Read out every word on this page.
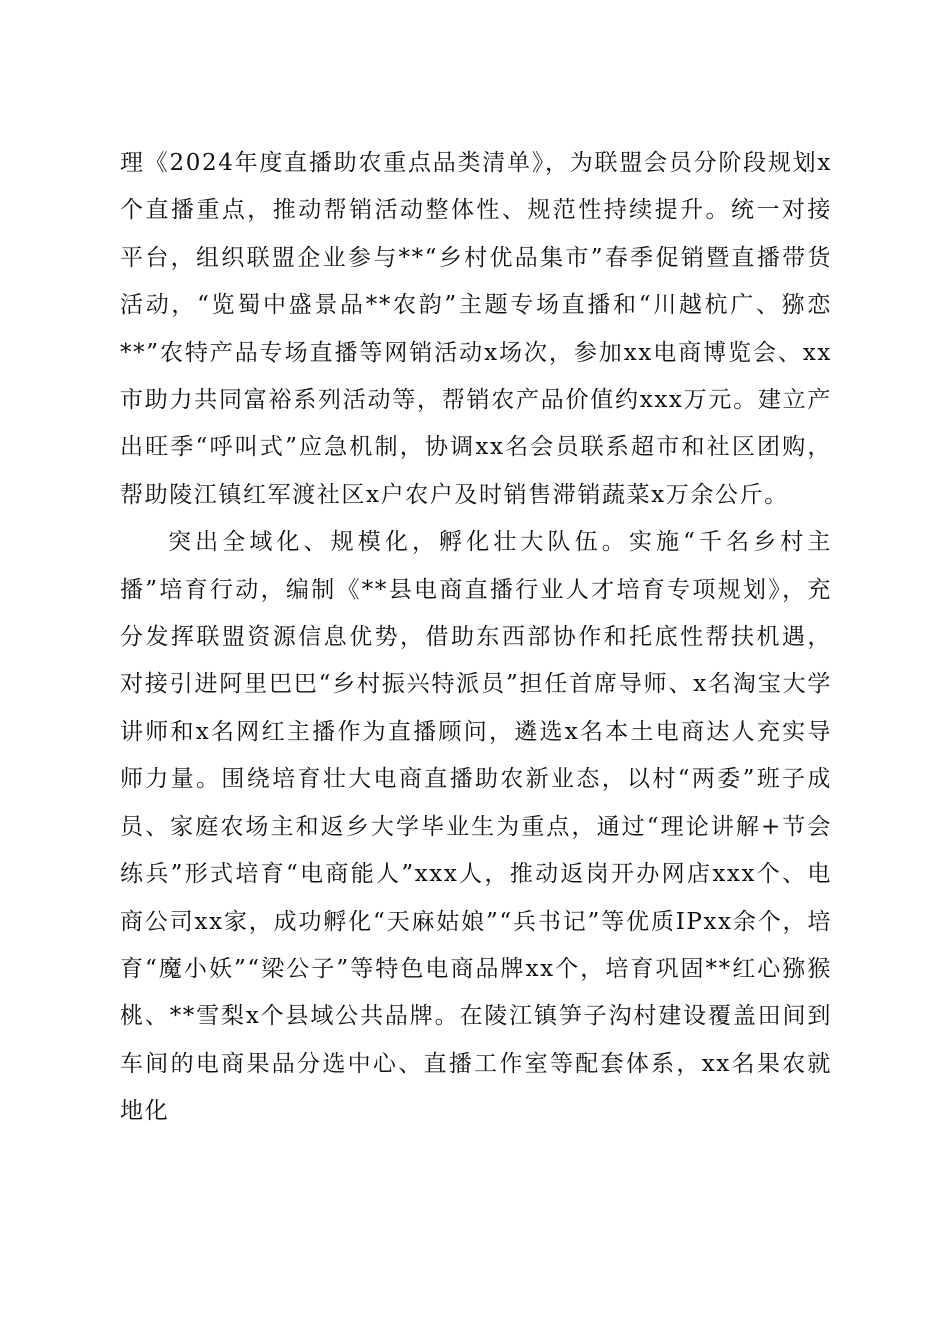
理《2024年度直播助农重点品类清单》，为联盟会员分阶段规划x个直播重点，推动帮销活动整体性、规范性持续提升。统一对接平台，组织联盟企业参与**“乡村优品集市”春季促销暨直播带货活动，“览蜀中盛景品**农韵”主题专场直播和“川越杭广、猕恋**”农特产品专场直播等网销活动x场次，参加xx电商博览会、xx市助力共同富裕系列活动等，帮销农产品价值约xxx万元。建立产出旺季“呼叫式”应急机制，协调xx名会员联系超市和社区团购，帮助陵江镇红军渡社区x户农户及时销售滞销蔬菜x万余公斤。

突出全域化、规模化，孵化壮大队伍。实施“千名乡村主播”培育行动，编制《**县电商直播行业人才培育专项规划》，充分发挥联盟资源信息优势，借助东西部协作和托底性帮扶机遇，对接引进阿里巴巴“乡村振兴特派员”担任首席导师、x名淘宝大学讲师和x名网红主播作为直播顾问，遴选x名本土电商达人充实导师力量。围绕培育壮大电商直播助农新业态，以村“两委”班子成员、家庭农场主和返乡大学毕业生为重点，通过“理论讲解+节会练兵”形式培育“电商能人”xxx人，推动返岗开办网店xxx个、电商公司xx家，成功孵化“天麻姑娘”“兵书记”等优质IPxx余个，培育“魔小妖”“梁公子”等特色电商品牌xx个，培育巩固**红心猕猴桃、**雪梨x个县域公共品牌。在陵江镇笋子沟村建设覆盖田间到车间的电商果品分选中心、直播工作室等配套体系，xx名果农就地化
